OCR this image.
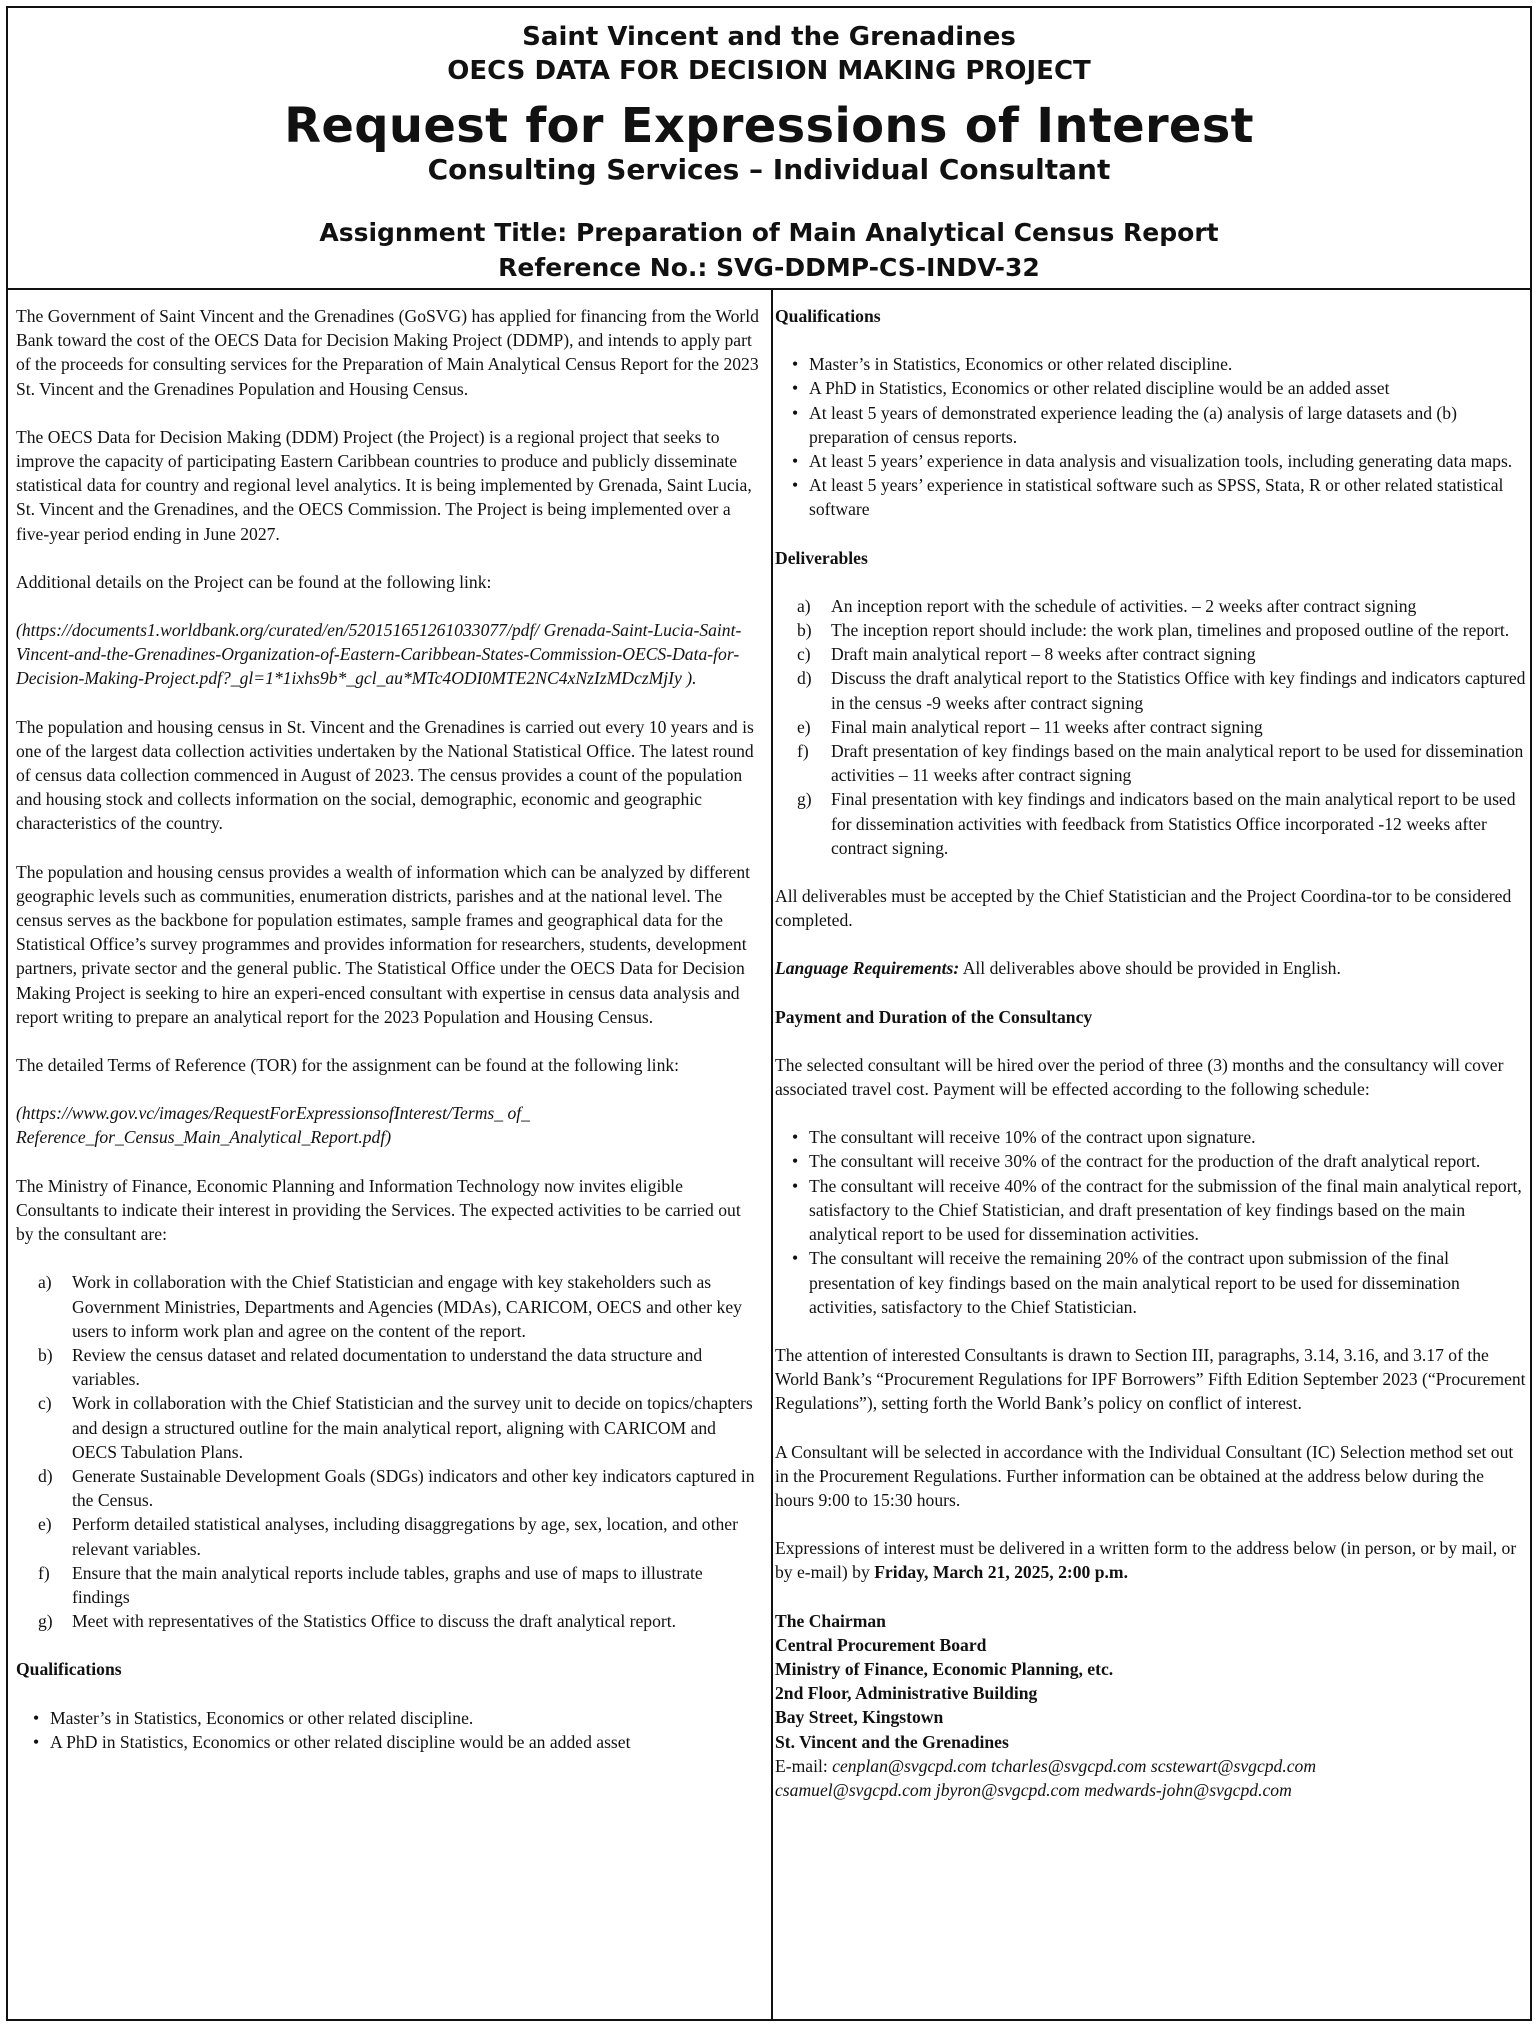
Saint Vincent and the Grenadines
OECS DATA FOR DECISION MAKING PROJECT
Request for Expressions of Interest
Consulting Services – Individual Consultant
Assignment Title: Preparation of Main Analytical Census Report
Reference No.: SVG-DDMP-CS-INDV-32

The Government of Saint Vincent and the Grenadines (GoSVG) has applied for financing from the World Bank toward the cost of the OECS Data for Decision Making Project (DDMP), and intends to apply part of the proceeds for consulting services for the Preparation of Main Analytical Census Report for the 2023 St. Vincent and the Grenadines Population and Housing Census.

The OECS Data for Decision Making (DDM) Project (the Project) is a regional project that seeks to improve the capacity of participating Eastern Caribbean countries to produce and publicly disseminate statistical data for country and regional level analytics. It is being implemented by Grenada, Saint Lucia, St. Vincent and the Grenadines, and the OECS Commission. The Project is being implemented over a five-year period ending in June 2027.

Additional details on the Project can be found at the following link:

(https://documents1.worldbank.org/curated/en/520151651261033077/pdf/ Grenada-Saint-Lucia-Saint-Vincent-and-the-Grenadines-Organization-of-Eastern-Caribbean-States-Commission-OECS-Data-for-Decision-Making-Project.pdf?_gl=1*1ixhs9b*_gcl_au*MTc4ODI0MTE2NC4xNzIzMDczMjIy ).

The population and housing census in St. Vincent and the Grenadines is carried out every 10 years and is one of the largest data collection activities undertaken by the National Statistical Office. The latest round of census data collection commenced in August of 2023. The census provides a count of the population and housing stock and collects information on the social, demographic, economic and geographic characteristics of the country.

The population and housing census provides a wealth of information which can be analyzed by different geographic levels such as communities, enumeration districts, parishes and at the national level. The census serves as the backbone for population estimates, sample frames and geographical data for the Statistical Office’s survey programmes and provides information for researchers, students, development partners, private sector and the general public. The Statistical Office under the OECS Data for Decision Making Project is seeking to hire an experi-enced consultant with expertise in census data analysis and report writing to prepare an analytical report for the 2023 Population and Housing Census.

The detailed Terms of Reference (TOR) for the assignment can be found at the following link:

(https://www.gov.vc/images/RequestForExpressionsofInterest/Terms_ of_ Reference_for_Census_Main_Analytical_Report.pdf)

The Ministry of Finance, Economic Planning and Information Technology now invites eligible Consultants to indicate their interest in providing the Services. The expected activities to be carried out by the consultant are:

a) Work in collaboration with the Chief Statistician and engage with key stakeholders such as Government Ministries, Departments and Agencies (MDAs), CARICOM, OECS and other key users to inform work plan and agree on the content of the report.
b) Review the census dataset and related documentation to understand the data structure and variables.
c) Work in collaboration with the Chief Statistician and the survey unit to decide on topics/chapters and design a structured outline for the main analytical report, aligning with CARICOM and OECS Tabulation Plans.
d) Generate Sustainable Development Goals (SDGs) indicators and other key indicators captured in the Census.
e) Perform detailed statistical analyses, including disaggregations by age, sex, location, and other relevant variables.
f) Ensure that the main analytical reports include tables, graphs and use of maps to illustrate findings
g) Meet with representatives of the Statistics Office to discuss the draft analytical report.
Qualifications
• Master’s in Statistics, Economics or other related discipline.
• A PhD in Statistics, Economics or other related discipline would be an added asset
Qualifications
• Master’s in Statistics, Economics or other related discipline.
• A PhD in Statistics, Economics or other related discipline would be an added asset
• At least 5 years of demonstrated experience leading the (a) analysis of large datasets and (b) preparation of census reports.
• At least 5 years’ experience in data analysis and visualization tools, including generating data maps.
• At least 5 years’ experience in statistical software such as SPSS, Stata, R or other related statistical software
Deliverables
a) An inception report with the schedule of activities. – 2 weeks after contract signing
b) The inception report should include: the work plan, timelines and proposed outline of the report.
c) Draft main analytical report – 8 weeks after contract signing
d) Discuss the draft analytical report to the Statistics Office with key findings and indicators captured in the census -9 weeks after contract signing
e) Final main analytical report – 11 weeks after contract signing
f) Draft presentation of key findings based on the main analytical report to be used for dissemination activities – 11 weeks after contract signing
g) Final presentation with key findings and indicators based on the main analytical report to be used for dissemination activities with feedback from Statistics Office incorporated -12 weeks after contract signing.

All deliverables must be accepted by the Chief Statistician and the Project Coordina-tor to be considered completed.

Language Requirements: All deliverables above should be provided in English.

Payment and Duration of the Consultancy

The selected consultant will be hired over the period of three (3) months and the consultancy will cover associated travel cost. Payment will be effected according to the following schedule:

• The consultant will receive 10% of the contract upon signature.
• The consultant will receive 30% of the contract for the production of the draft analytical report.
• The consultant will receive 40% of the contract for the submission of the final main analytical report, satisfactory to the Chief Statistician, and draft presentation of key findings based on the main analytical report to be used for dissemination activities.
• The consultant will receive the remaining 20% of the contract upon submission of the final presentation of key findings based on the main analytical report to be used for dissemination activities, satisfactory to the Chief Statistician.

The attention of interested Consultants is drawn to Section III, paragraphs, 3.14, 3.16, and 3.17 of the World Bank’s “Procurement Regulations for IPF Borrowers” Fifth Edition September 2023 (“Procurement Regulations”), setting forth the World Bank’s policy on conflict of interest.

A Consultant will be selected in accordance with the Individual Consultant (IC) Selection method set out in the Procurement Regulations. Further information can be obtained at the address below during the hours 9:00 to 15:30 hours.

Expressions of interest must be delivered in a written form to the address below (in person, or by mail, or by e-mail) by Friday, March 21, 2025, 2:00 p.m.

The Chairman
Central Procurement Board
Ministry of Finance, Economic Planning, etc.
2nd Floor, Administrative Building
Bay Street, Kingstown
St. Vincent and the Grenadines
E-mail: cenplan@svgcpd.com tcharles@svgcpd.com scstewart@svgcpd.com
csamuel@svgcpd.com jbyron@svgcpd.com medwards-john@svgcpd.com
